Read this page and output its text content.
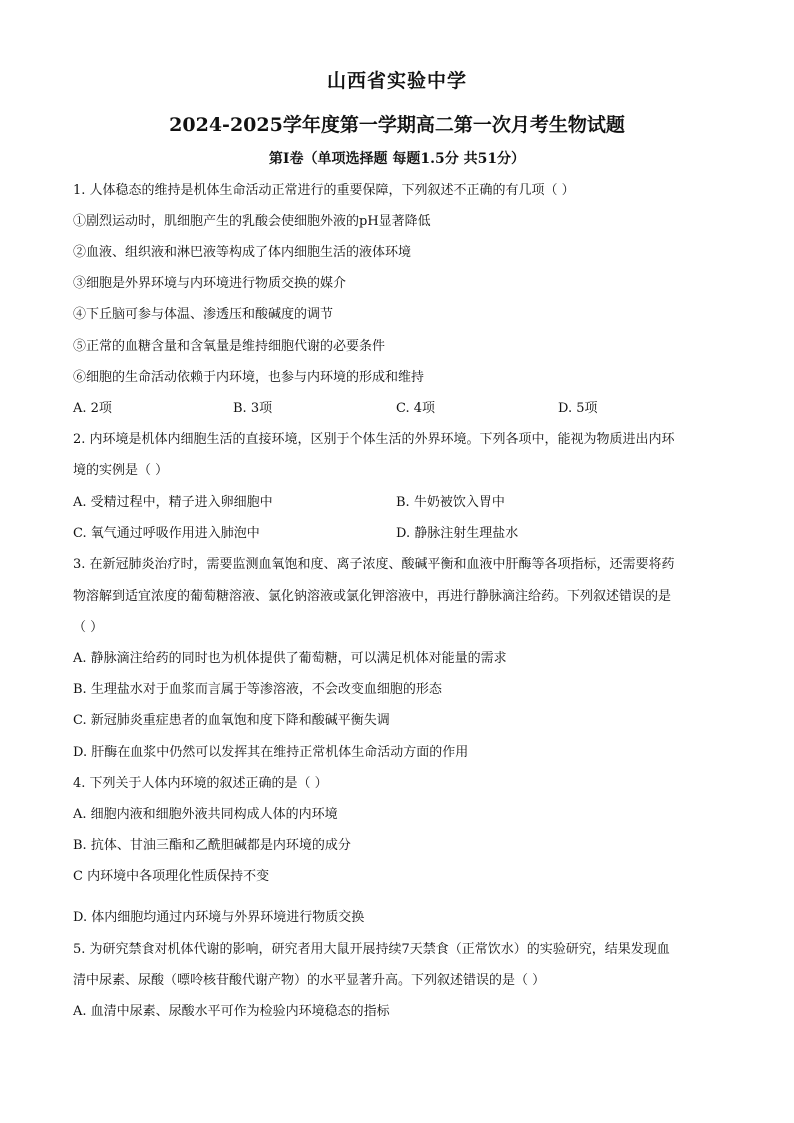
山西省实验中学
2024-2025学年度第一学期高二第一次月考生物试题
第Ⅰ卷（单项选择题 每题1.5分 共51分）
1. 人体稳态的维持是机体生命活动正常进行的重要保障，下列叙述不正确的有几项（ ）
①剧烈运动时，肌细胞产生的乳酸会使细胞外液的pH显著降低
②血液、组织液和淋巴液等构成了体内细胞生活的液体环境
③细胞是外界环境与内环境进行物质交换的媒介
④下丘脑可参与体温、渗透压和酸碱度的调节
⑤正常的血糖含量和含氧量是维持细胞代谢的必要条件
⑥细胞的生命活动依赖于内环境，也参与内环境的形成和维持
A. 2项	B. 3项	C. 4项	D. 5项
2. 内环境是机体内细胞生活的直接环境，区别于个体生活的外界环境。下列各项中，能视为物质进出内环
境的实例是（ ）
A. 受精过程中，精子进入卵细胞中	B. 牛奶被饮入胃中
C. 氧气通过呼吸作用进入肺泡中	D. 静脉注射生理盐水
3. 在新冠肺炎治疗时，需要监测血氧饱和度、离子浓度、酸碱平衡和血液中肝酶等各项指标，还需要将药
物溶解到适宜浓度的葡萄糖溶液、氯化钠溶液或氯化钾溶液中，再进行静脉滴注给药。下列叙述错误的是
（ ）
A. 静脉滴注给药的同时也为机体提供了葡萄糖，可以满足机体对能量的需求
B. 生理盐水对于血浆而言属于等渗溶液，不会改变血细胞的形态
C. 新冠肺炎重症患者的血氧饱和度下降和酸碱平衡失调
D. 肝酶在血浆中仍然可以发挥其在维持正常机体生命活动方面的作用
4. 下列关于人体内环境的叙述正确的是（ ）
A. 细胞内液和细胞外液共同构成人体的内环境
B. 抗体、甘油三酯和乙酰胆碱都是内环境的成分
C 内环境中各项理化性质保持不变
D. 体内细胞均通过内环境与外界环境进行物质交换
5. 为研究禁食对机体代谢的影响，研究者用大鼠开展持续7天禁食（正常饮水）的实验研究，结果发现血
清中尿素、尿酸（嘌呤核苷酸代谢产物）的水平显著升高。下列叙述错误的是（ ）
A. 血清中尿素、尿酸水平可作为检验内环境稳态的指标
